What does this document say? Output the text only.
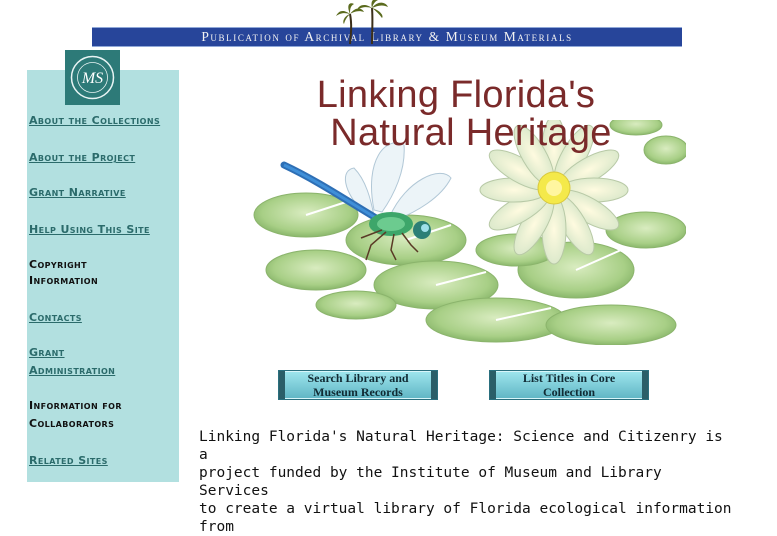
Publication of Archival Library & Museum Materials
MS
About the Collections
About the Project
Grant Narrative
Help Using This Site
Copyright
Information
Contacts
Grant
Administration
Information for
Collaborators
Related Sites
Linking Florida's
Natural Heritage
Search Library and
Museum Records
List Titles in Core
Collection
Linking Florida's Natural Heritage: Science and Citizenry is a
project funded by the Institute of Museum and Library Services
to create a virtual library of Florida ecological information from
